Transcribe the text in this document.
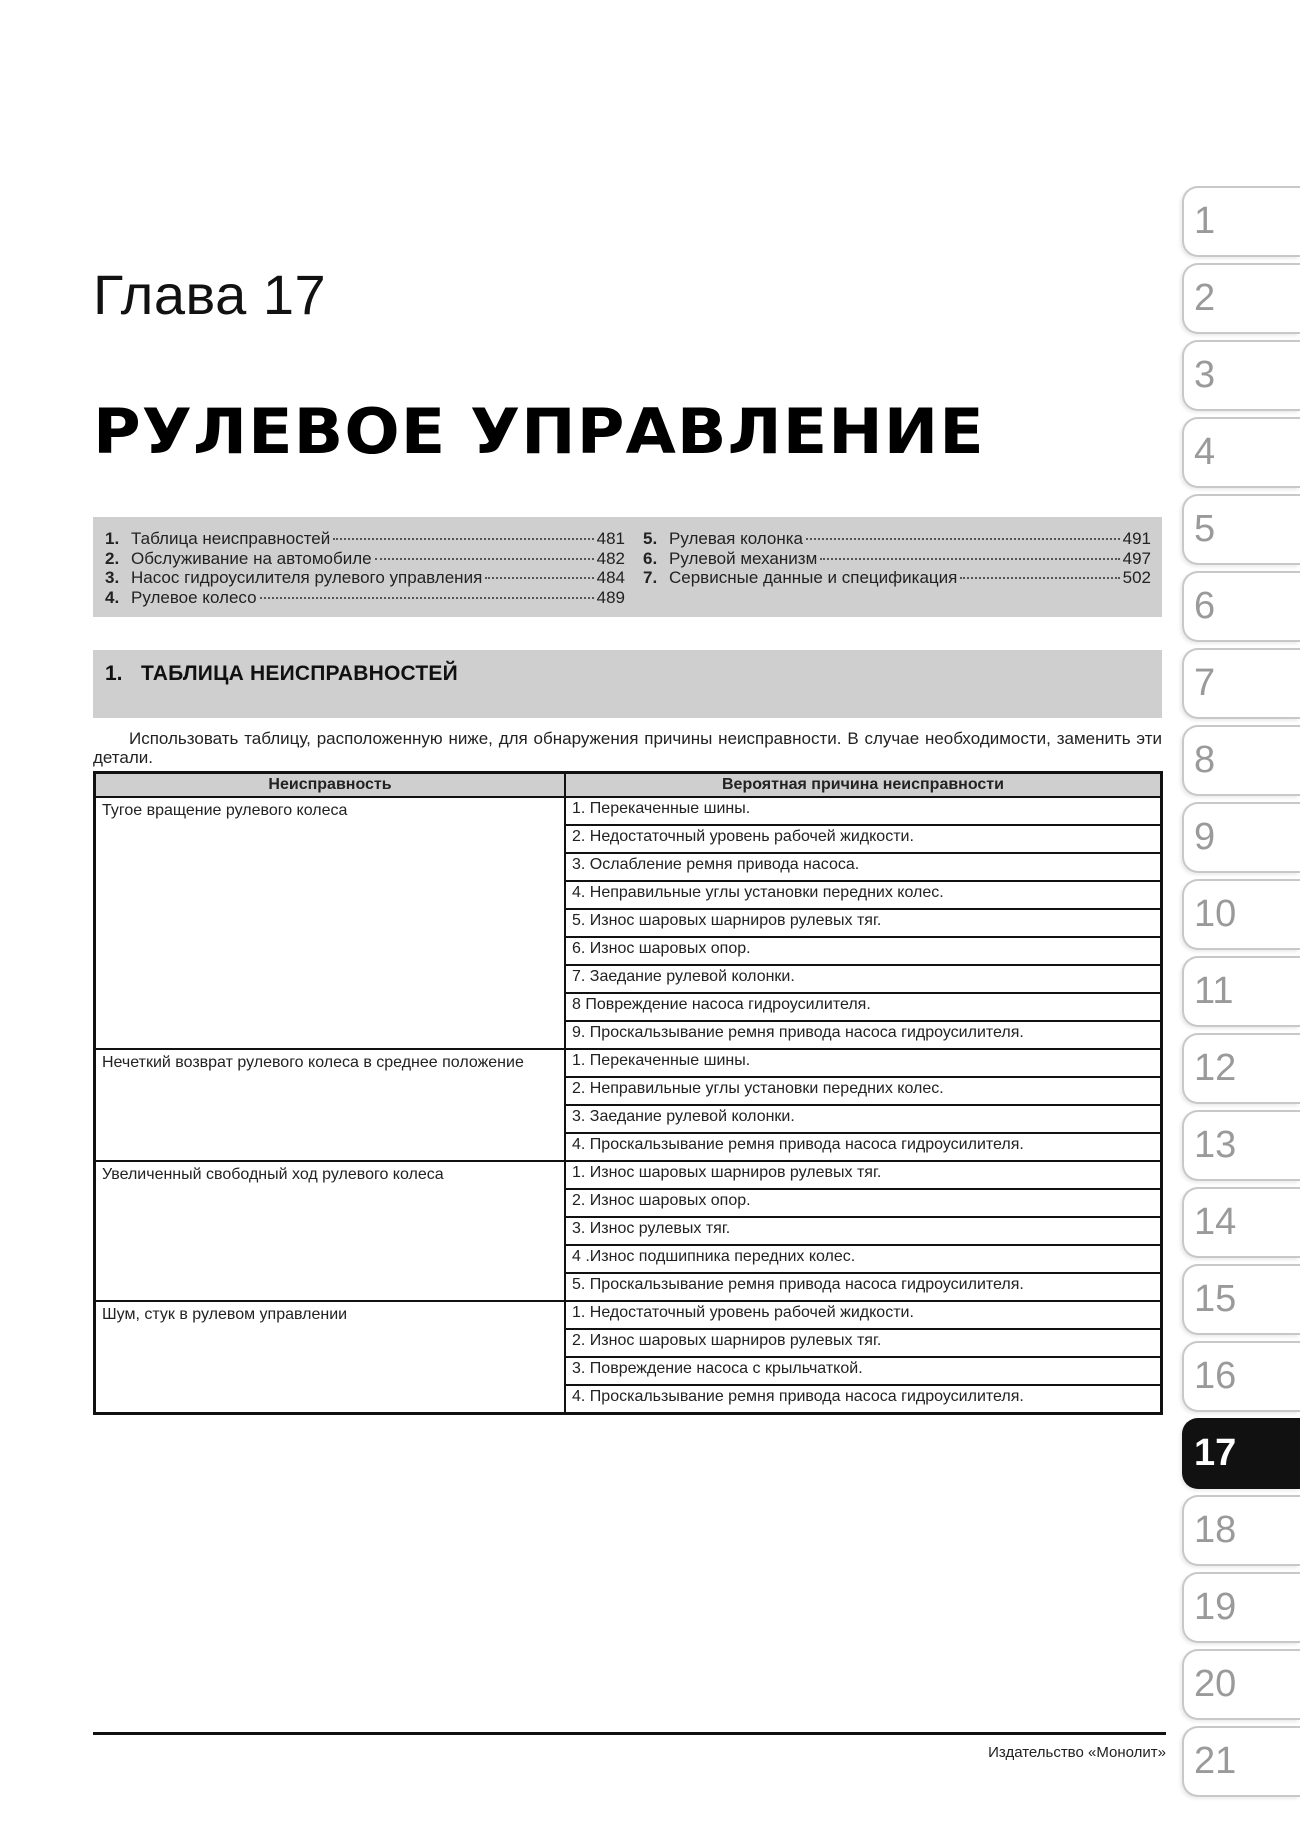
Глава 17
РУЛЕВОЕ УПРАВЛЕНИЕ
1. Таблица неисправностей	481
2. Обслуживание на автомобиле	482
3. Насос гидроусилителя рулевого управления	484
4. Рулевое колесо	489
5. Рулевая колонка	491
6. Рулевой механизм	497
7. Сервисные данные и спецификация	502
1. ТАБЛИЦА НЕИСПРАВНОСТЕЙ
Использовать таблицу, расположенную ниже, для обнаружения причины неисправности. В случае необходимости, заменить эти детали.
Неисправность	Вероятная причина неисправности
Тугое вращение рулевого колеса	1. Перекаченные шины.
	2. Недостаточный уровень рабочей жидкости.
	3. Ослабление ремня привода насоса.
	4. Неправильные углы установки передних колес.
	5. Износ шаровых шарниров рулевых тяг.
	6. Износ шаровых опор.
	7. Заедание рулевой колонки.
	8 Повреждение насоса гидроусилителя.
	9. Проскальзывание ремня привода насоса гидроусилителя.
Нечеткий возврат рулевого колеса в среднее положение	1. Перекаченные шины.
	2. Неправильные углы установки передних колес.
	3. Заедание рулевой колонки.
	4. Проскальзывание ремня привода насоса гидроусилителя.
Увеличенный свободный ход рулевого колеса	1. Износ шаровых шарниров рулевых тяг.
	2. Износ шаровых опор.
	3. Износ рулевых тяг.
	4 .Износ подшипника передних колес.
	5. Проскальзывание ремня привода насоса гидроусилителя.
Шум, стук в рулевом управлении	1. Недостаточный уровень рабочей жидкости.
	2. Износ шаровых шарниров рулевых тяг.
	3. Повреждение насоса с крыльчаткой.
	4. Проскальзывание ремня привода насоса гидроусилителя.
Издательство «Монолит»
1
2
3
4
5
6
7
8
9
10
11
12
13
14
15
16
17
18
19
20
21
